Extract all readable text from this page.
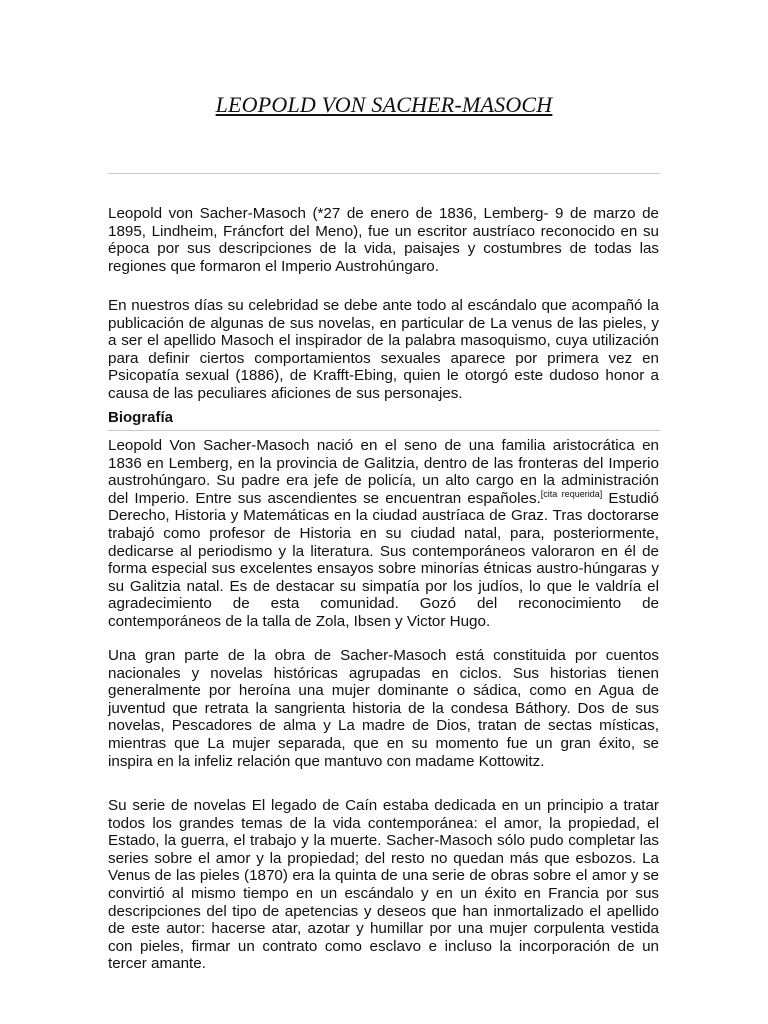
LEOPOLD VON SACHER-MASOCH

Leopold von Sacher-Masoch (*27 de enero de 1836, Lemberg- 9 de marzo de 1895, Lindheim, Fráncfort del Meno), fue un escritor austríaco reconocido en su época por sus descripciones de la vida, paisajes y costumbres de todas las regiones que formaron el Imperio Austrohúngaro.

En nuestros días su celebridad se debe ante todo al escándalo que acompañó la publicación de algunas de sus novelas, en particular de La venus de las pieles, y a ser el apellido Masoch el inspirador de la palabra masoquismo, cuya utilización para definir ciertos comportamientos sexuales aparece por primera vez en Psicopatía sexual (1886), de Krafft-Ebing, quien le otorgó este dudoso honor a causa de las peculiares aficiones de sus personajes.

Biografía

Leopold Von Sacher-Masoch nació en el seno de una familia aristocrática en 1836 en Lemberg, en la provincia de Galitzia, dentro de las fronteras del Imperio austrohúngaro. Su padre era jefe de policía, un alto cargo en la administración del Imperio. Entre sus ascendientes se encuentran españoles.[cita requerida] Estudió Derecho, Historia y Matemáticas en la ciudad austríaca de Graz. Tras doctorarse trabajó como profesor de Historia en su ciudad natal, para, posteriormente, dedicarse al periodismo y la literatura. Sus contemporáneos valoraron en él de forma especial sus excelentes ensayos sobre minorías étnicas austro-húngaras y su Galitzia natal. Es de destacar su simpatía por los judíos, lo que le valdría el agradecimiento de esta comunidad. Gozó del reconocimiento de contemporáneos de la talla de Zola, Ibsen y Victor Hugo.

Una gran parte de la obra de Sacher-Masoch está constituida por cuentos nacionales y novelas históricas agrupadas en ciclos. Sus historias tienen generalmente por heroína una mujer dominante o sádica, como en Agua de juventud que retrata la sangrienta historia de la condesa Báthory. Dos de sus novelas, Pescadores de alma y La madre de Dios, tratan de sectas místicas, mientras que La mujer separada, que en su momento fue un gran éxito, se inspira en la infeliz relación que mantuvo con madame Kottowitz.

Su serie de novelas El legado de Caín estaba dedicada en un principio a tratar todos los grandes temas de la vida contemporánea: el amor, la propiedad, el Estado, la guerra, el trabajo y la muerte. Sacher-Masoch sólo pudo completar las series sobre el amor y la propiedad; del resto no quedan más que esbozos. La Venus de las pieles (1870) era la quinta de una serie de obras sobre el amor y se convirtió al mismo tiempo en un escándalo y en un éxito en Francia por sus descripciones del tipo de apetencias y deseos que han inmortalizado el apellido de este autor: hacerse atar, azotar y humillar por una mujer corpulenta vestida con pieles, firmar un contrato como esclavo e incluso la incorporación de un tercer amante.
